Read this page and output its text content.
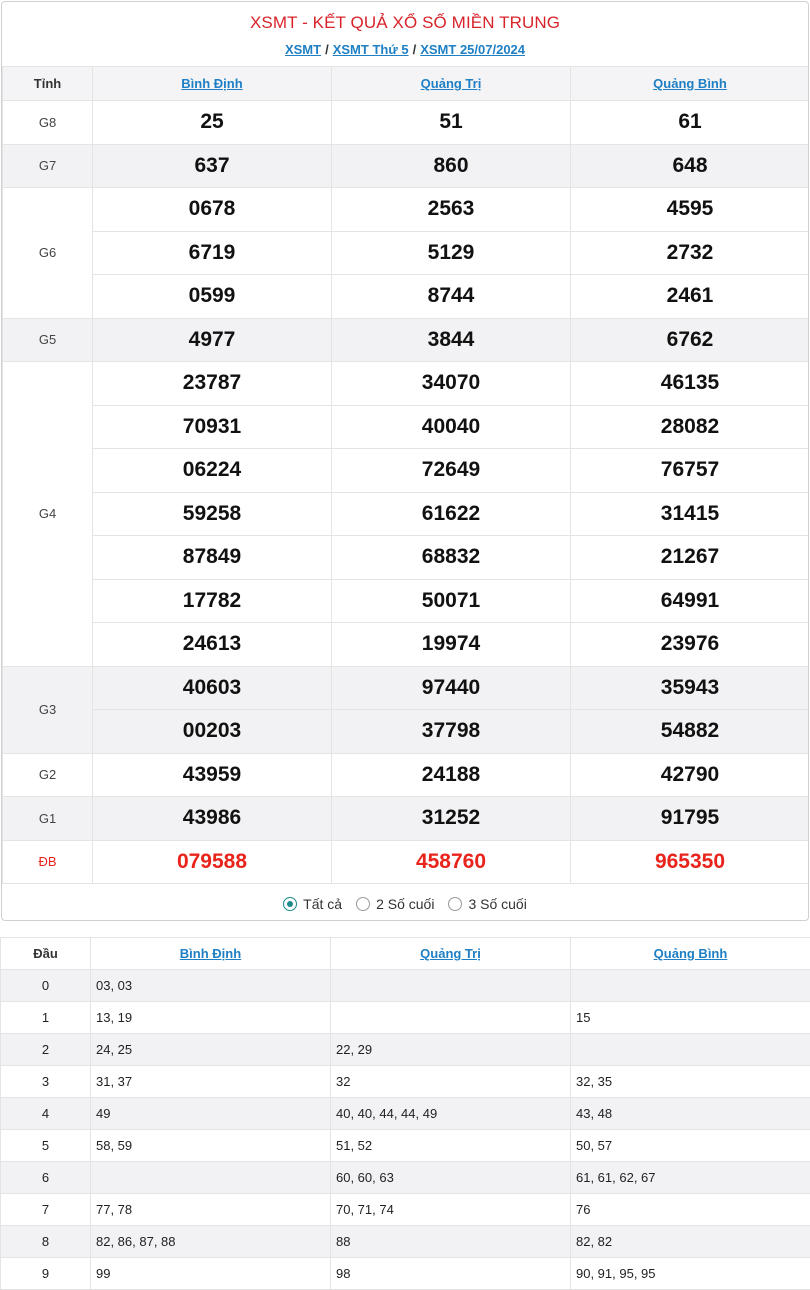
XSMT - KẾT QUẢ XỔ SỐ MIỀN TRUNG
XSMT / XSMT Thứ 5 / XSMT 25/07/2024
Tỉnh	Bình Định	Quảng Trị	Quảng Bình
G8	25	51	61
G7	637	860	648
G6	0678	2563	4595
	6719	5129	2732
	0599	8744	2461
G5	4977	3844	6762
G4	23787	34070	46135
	70931	40040	28082
	06224	72649	76757
	59258	61622	31415
	87849	68832	21267
	17782	50071	64991
	24613	19974	23976
G3	40603	97440	35943
	00203	37798	54882
G2	43959	24188	42790
G1	43986	31252	91795
ĐB	079588	458760	965350
Tất cả 2 Số cuối 3 Số cuối
Đầu	Bình Định	Quảng Trị	Quảng Bình
0	03, 03		
1	13, 19		15
2	24, 25	22, 29	
3	31, 37	32	32, 35
4	49	40, 40, 44, 44, 49	43, 48
5	58, 59	51, 52	50, 57
6		60, 60, 63	61, 61, 62, 67
7	77, 78	70, 71, 74	76
8	82, 86, 87, 88	88	82, 82
9	99	98	90, 91, 95, 95
